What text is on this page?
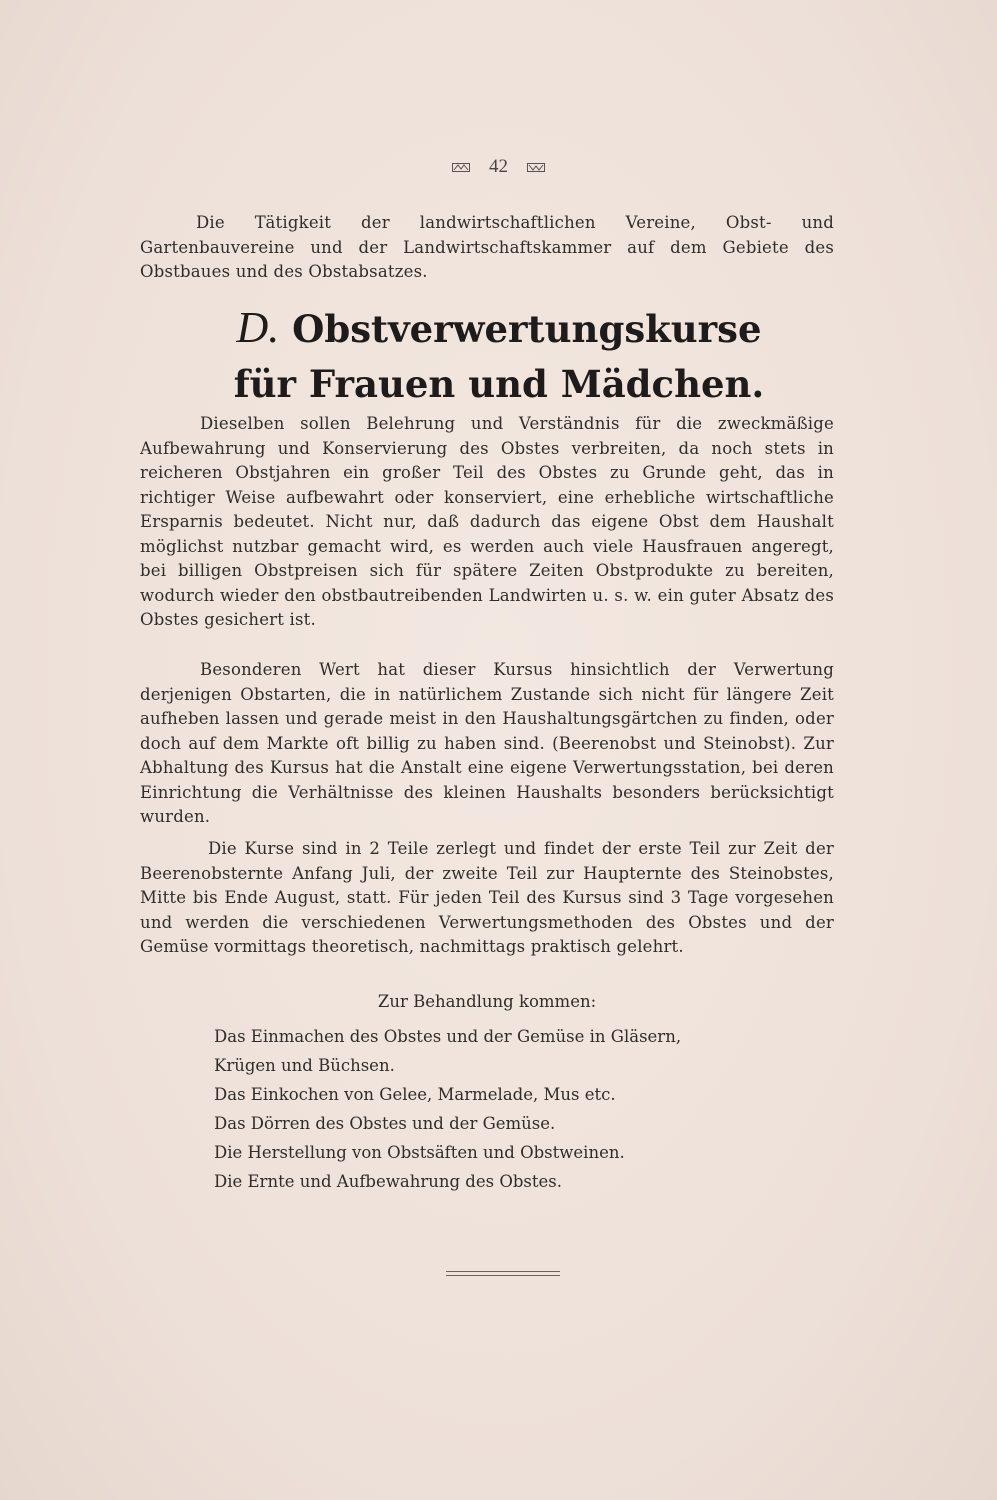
42
Die Tätigkeit der landwirtschaftlichen Vereine, Obst- und Gartenbauvereine und der Landwirtschaftskammer auf dem Gebiete des Obstbaues und des Obstabsatzes.
D. Obstverwertungskurse
für Frauen und Mädchen.
Dieselben sollen Belehrung und Verständnis für die zweckmäßige Aufbewahrung und Konservierung des Obstes verbreiten, da noch stets in reicheren Obstjahren ein großer Teil des Obstes zu Grunde geht, das in richtiger Weise aufbewahrt oder konserviert, eine erhebliche wirtschaftliche Ersparnis bedeutet. Nicht nur, daß dadurch das eigene Obst dem Haushalt möglichst nutzbar gemacht wird, es werden auch viele Hausfrauen angeregt, bei billigen Obstpreisen sich für spätere Zeiten Obstprodukte zu bereiten, wodurch wieder den obstbautreibenden Landwirten u. s. w. ein guter Absatz des Obstes gesichert ist.
Besonderen Wert hat dieser Kursus hinsichtlich der Verwertung derjenigen Obstarten, die in natürlichem Zustande sich nicht für längere Zeit aufheben lassen und gerade meist in den Haushaltungsgärtchen zu finden, oder doch auf dem Markte oft billig zu haben sind. (Beerenobst und Steinobst). Zur Abhaltung des Kursus hat die Anstalt eine eigene Verwertungsstation, bei deren Einrichtung die Verhältnisse des kleinen Haushalts besonders berücksichtigt wurden.
Die Kurse sind in 2 Teile zerlegt und findet der erste Teil zur Zeit der Beerenobsternte Anfang Juli, der zweite Teil zur Haupternte des Steinobstes, Mitte bis Ende August, statt. Für jeden Teil des Kursus sind 3 Tage vorgesehen und werden die verschiedenen Verwertungsmethoden des Obstes und der Gemüse vormittags theoretisch, nachmittags praktisch gelehrt.
Zur Behandlung kommen:
Das Einmachen des Obstes und der Gemüse in Gläsern,
Krügen und Büchsen.
Das Einkochen von Gelee, Marmelade, Mus etc.
Das Dörren des Obstes und der Gemüse.
Die Herstellung von Obstsäften und Obstweinen.
Die Ernte und Aufbewahrung des Obstes.
